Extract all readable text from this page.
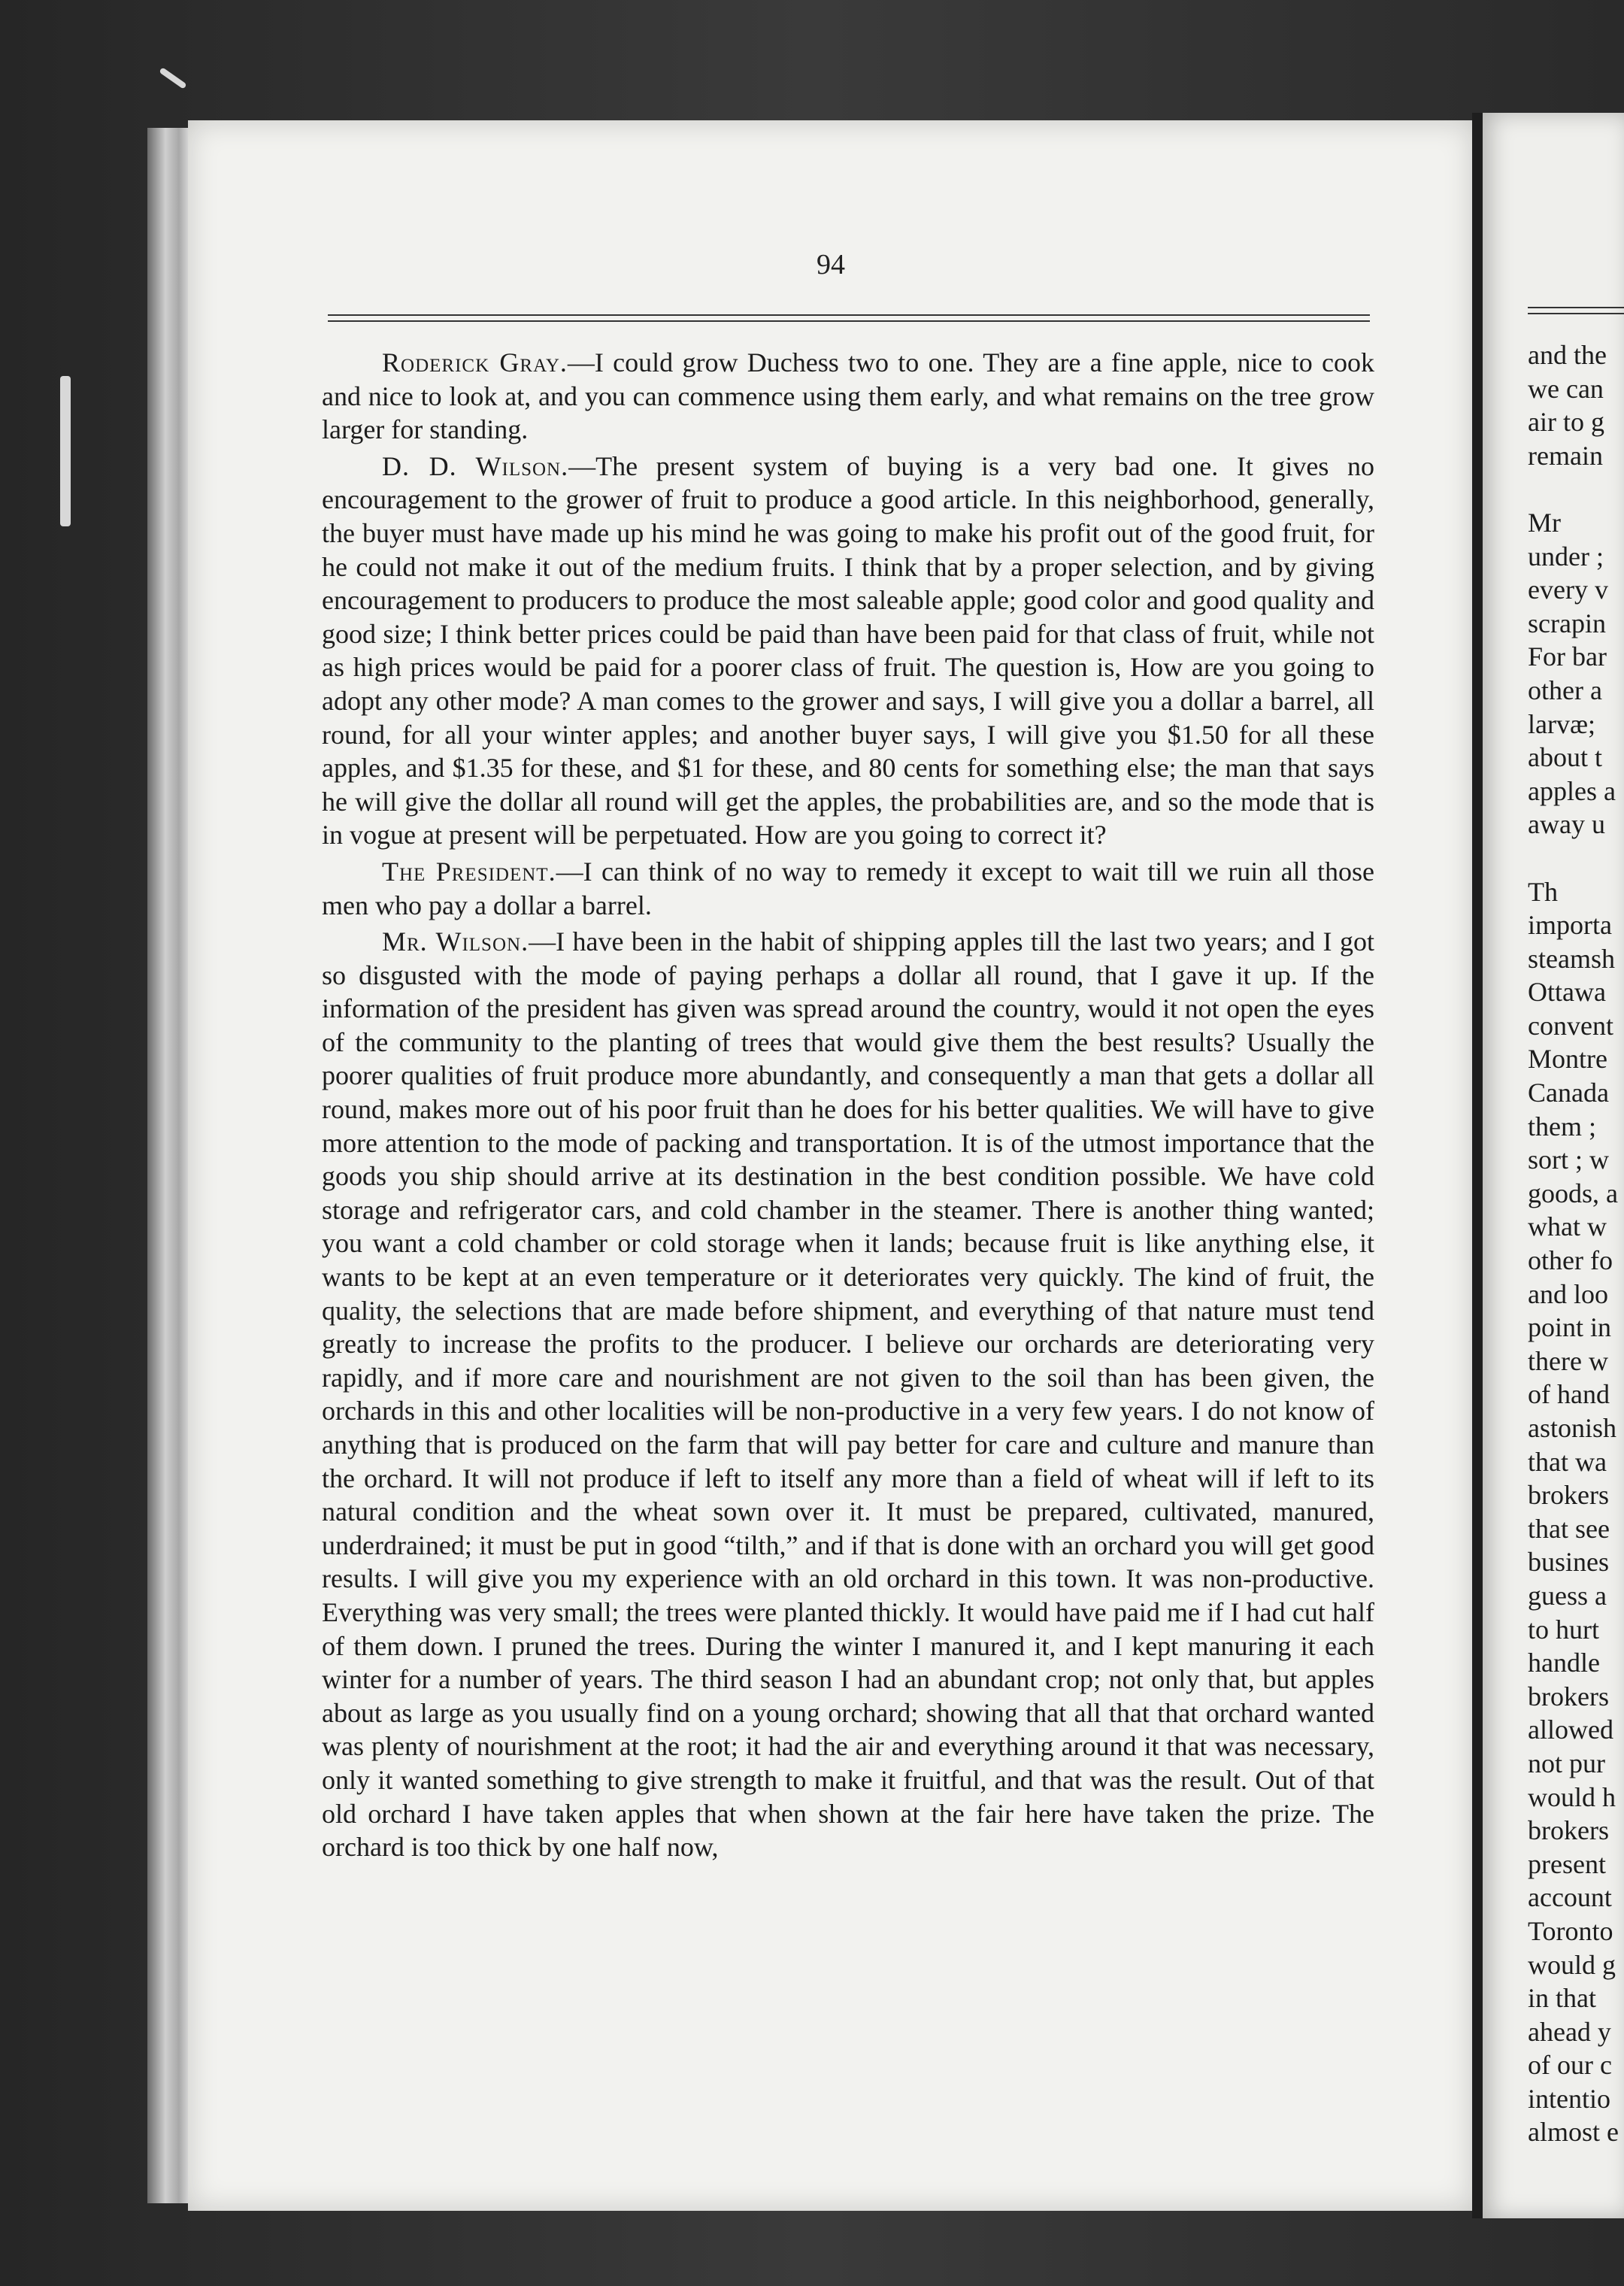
94

Roderick Gray.—I could grow Duchess two to one. They are a fine apple, nice to cook and nice to look at, and you can commence using them early, and what remains on the tree grow larger for standing.

D. D. Wilson.—The present system of buying is a very bad one. It gives no encouragement to the grower of fruit to produce a good article. In this neighborhood, generally, the buyer must have made up his mind he was going to make his profit out of the good fruit, for he could not make it out of the medium fruits. I think that by a proper selection, and by giving encouragement to producers to produce the most saleable apple; good color and good quality and good size; I think better prices could be paid than have been paid for that class of fruit, while not as high prices would be paid for a poorer class of fruit. The question is, How are you going to adopt any other mode? A man comes to the grower and says, I will give you a dollar a barrel, all round, for all your winter apples; and another buyer says, I will give you $1.50 for all these apples, and $1.35 for these, and $1 for these, and 80 cents for something else; the man that says he will give the dollar all round will get the apples, the probabilities are, and so the mode that is in vogue at present will be perpetuated. How are you going to correct it?

The President.—I can think of no way to remedy it except to wait till we ruin all those men who pay a dollar a barrel.

Mr. Wilson.—I have been in the habit of shipping apples till the last two years; and I got so disgusted with the mode of paying perhaps a dollar all round, that I gave it up. If the information of the president has given was spread around the country, would it not open the eyes of the community to the planting of trees that would give them the best results? Usually the poorer qualities of fruit produce more abundantly, and consequently a man that gets a dollar all round, makes more out of his poor fruit than he does for his better qualities. We will have to give more attention to the mode of packing and transportation. It is of the utmost importance that the goods you ship should arrive at its destination in the best condition possible. We have cold storage and refrigerator cars, and cold chamber in the steamer. There is another thing wanted; you want a cold chamber or cold storage when it lands; because fruit is like anything else, it wants to be kept at an even temperature or it deteriorates very quickly. The kind of fruit, the quality, the selections that are made before shipment, and everything of that nature must tend greatly to increase the profits to the producer. I believe our orchards are deteriorating very rapidly, and if more care and nourishment are not given to the soil than has been given, the orchards in this and other localities will be non-productive in a very few years. I do not know of anything that is produced on the farm that will pay better for care and culture and manure than the orchard. It will not produce if left to itself any more than a field of wheat will if left to its natural condition and the wheat sown over it. It must be prepared, cultivated, manured, underdrained; it must be put in good “tilth,” and if that is done with an orchard you will get good results. I will give you my experience with an old orchard in this town. It was non-productive. Everything was very small; the trees were planted thickly. It would have paid me if I had cut half of them down. I pruned the trees. During the winter I manured it, and I kept manuring it each winter for a number of years. The third season I had an abundant crop; not only that, but apples about as large as you usually find on a young orchard; showing that all that that orchard wanted was plenty of nourishment at the root; it had the air and everything around it that was necessary, only it wanted something to give strength to make it fruitful, and that was the result. Out of that old orchard I have taken apples that when shown at the fair here have taken the prize. The orchard is too thick by one half now,

and the
we can
air to g
remain
Mr
under ;
every v
scrapin
For bar
other a
larvæ;
about t
apples a
away u
Th
importa
steamsh
Ottawa
convent
Montre
Canada
them ;
sort ; w
goods, a
what w
other fo
and loo
point in
there w
of hand
astonish
that wa
brokers
that see
busines
guess a
to hurt
handle
brokers
allowed
not pur
would h
brokers
present
account
Toronto
would g
in that
ahead y
of our c
intentio
almost e
